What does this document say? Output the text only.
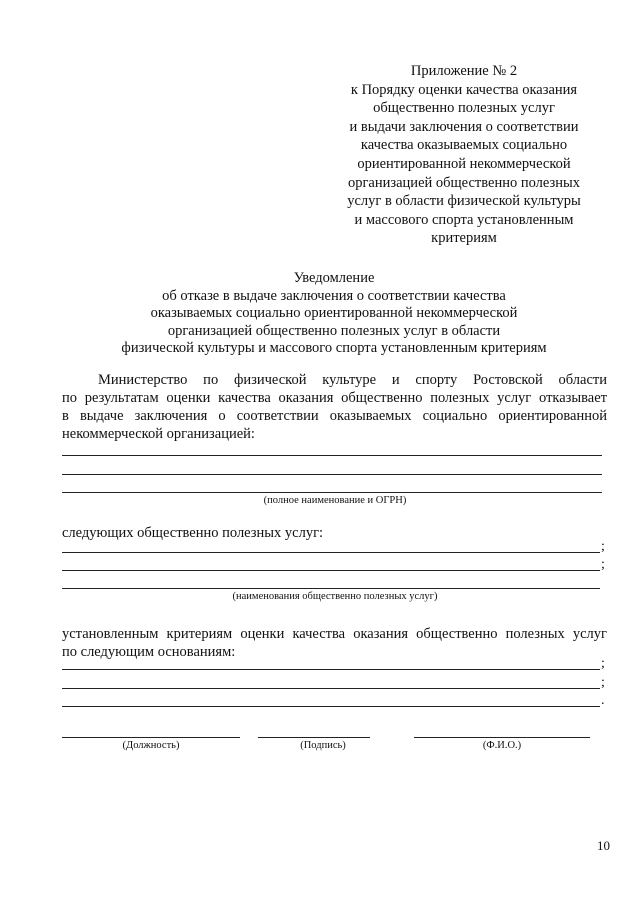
Приложение № 2
к Порядку оценки качества оказания
общественно полезных услуг
и выдачи заключения о соответствии
качества оказываемых социально
ориентированной некоммерческой
организацией общественно полезных
услуг в области физической культуры
и массового спорта установленным
критериям
Уведомление
об отказе в выдаче заключения о соответствии качества
оказываемых социально ориентированной некоммерческой
организацией общественно полезных услуг в области
физической культуры и массового спорта установленным критериям
Министерство по физической культуре и спорту Ростовской области
по результатам оценки качества оказания общественно полезных услуг отказывает
в выдаче заключения о соответствии оказываемых социально ориентированной
некоммерческой организацией:
(полное наименование и ОГРН)
следующих общественно полезных услуг:
;
;
(наименования общественно полезных услуг)
установленным критериям оценки качества оказания общественно полезных услуг
по следующим основаниям:
;
;
.
(Должность)	(Подпись)	(Ф.И.О.)
10
